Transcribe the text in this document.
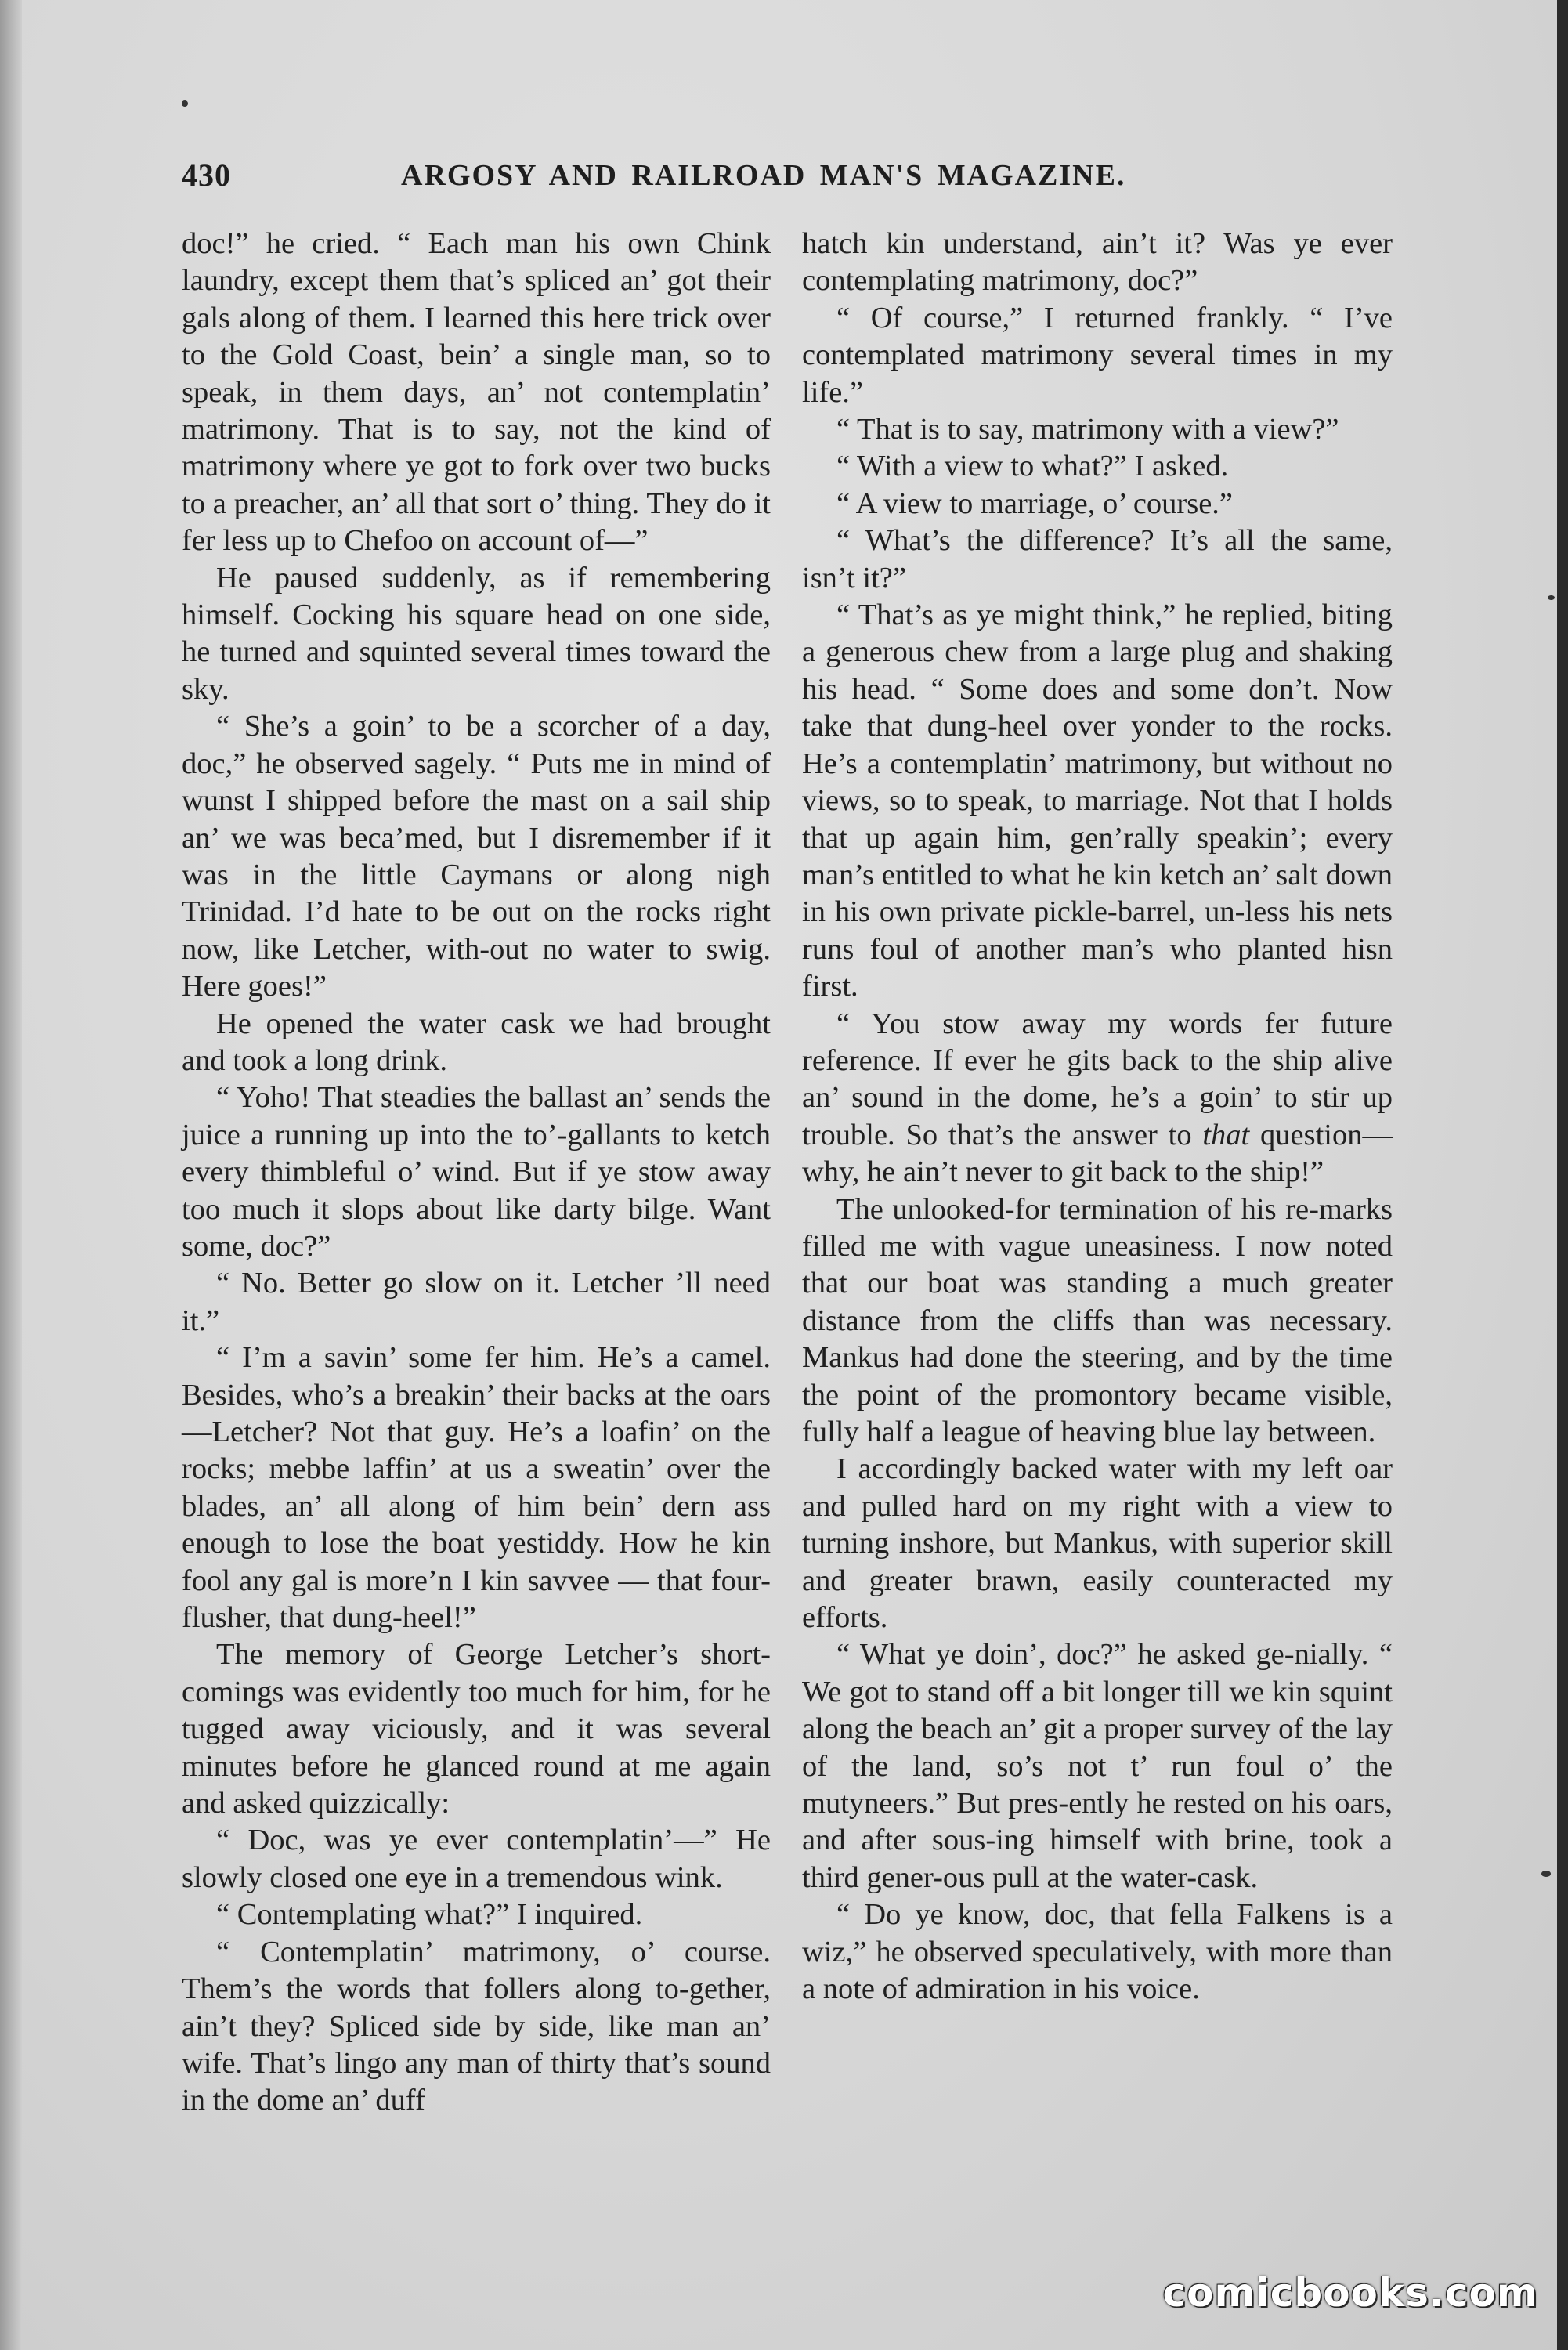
430	ARGOSY AND RAILROAD MAN'S MAGAZINE.

doc!” he cried. “ Each man his own Chink laundry, except them that’s spliced an’ got their gals along of them. I learned this here trick over to the Gold Coast, bein’ a single man, so to speak, in them days, an’ not contemplatin’ matrimony. That is to say, not the kind of matrimony where ye got to fork over two bucks to a preacher, an’ all that sort o’ thing. They do it fer less up to Chefoo on account of—”

He paused suddenly, as if remembering himself. Cocking his square head on one side, he turned and squinted several times toward the sky.

“ She’s a goin’ to be a scorcher of a day, doc,” he observed sagely. “ Puts me in mind of wunst I shipped before the mast on a sail ship an’ we was beca’med, but I disremember if it was in the little Caymans or along nigh Trinidad. I’d hate to be out on the rocks right now, like Letcher, with-out no water to swig. Here goes!”

He opened the water cask we had brought and took a long drink.

“ Yoho! That steadies the ballast an’ sends the juice a running up into the to’-gallants to ketch every thimbleful o’ wind. But if ye stow away too much it slops about like darty bilge. Want some, doc?”

“ No. Better go slow on it. Letcher ’ll need it.”

“ I’m a savin’ some fer him. He’s a camel. Besides, who’s a breakin’ their backs at the oars—Letcher? Not that guy. He’s a loafin’ on the rocks; mebbe laffin’ at us a sweatin’ over the blades, an’ all along of him bein’ dern ass enough to lose the boat yestiddy. How he kin fool any gal is more’n I kin savvee — that four-flusher, that dung-heel!”

The memory of George Letcher’s short-comings was evidently too much for him, for he tugged away viciously, and it was several minutes before he glanced round at me again and asked quizzically:

“ Doc, was ye ever contemplatin’—” He slowly closed one eye in a tremendous wink.

“ Contemplating what?” I inquired.

“ Contemplatin’ matrimony, o’ course. Them’s the words that follers along to-gether, ain’t they? Spliced side by side, like man an’ wife. That’s lingo any man of thirty that’s sound in the dome an’ duff

hatch kin understand, ain’t it? Was ye ever contemplating matrimony, doc?”

“ Of course,” I returned frankly. “ I’ve contemplated matrimony several times in my life.”

“ That is to say, matrimony with a view?”

“ With a view to what?” I asked.

“ A view to marriage, o’ course.”

“ What’s the difference? It’s all the same, isn’t it?”

“ That’s as ye might think,” he replied, biting a generous chew from a large plug and shaking his head. “ Some does and some don’t. Now take that dung-heel over yonder to the rocks. He’s a contemplatin’ matrimony, but without no views, so to speak, to marriage. Not that I holds that up again him, gen’rally speakin’; every man’s entitled to what he kin ketch an’ salt down in his own private pickle-barrel, un-less his nets runs foul of another man’s who planted hisn first.

“ You stow away my words fer future reference. If ever he gits back to the ship alive an’ sound in the dome, he’s a goin’ to stir up trouble. So that’s the answer to that question—why, he ain’t never to git back to the ship!”

The unlooked-for termination of his re-marks filled me with vague uneasiness. I now noted that our boat was standing a much greater distance from the cliffs than was necessary. Mankus had done the steering, and by the time the point of the promontory became visible, fully half a league of heaving blue lay between.

I accordingly backed water with my left oar and pulled hard on my right with a view to turning inshore, but Mankus, with superior skill and greater brawn, easily counteracted my efforts.

“ What ye doin’, doc?” he asked ge-nially. “ We got to stand off a bit longer till we kin squint along the beach an’ git a proper survey of the lay of the land, so’s not t’ run foul o’ the mutyneers.” But pres-ently he rested on his oars, and after sous-ing himself with brine, took a third gener-ous pull at the water-cask.

“ Do ye know, doc, that fella Falkens is a wiz,” he observed speculatively, with more than a note of admiration in his voice.

comicbooks.com
